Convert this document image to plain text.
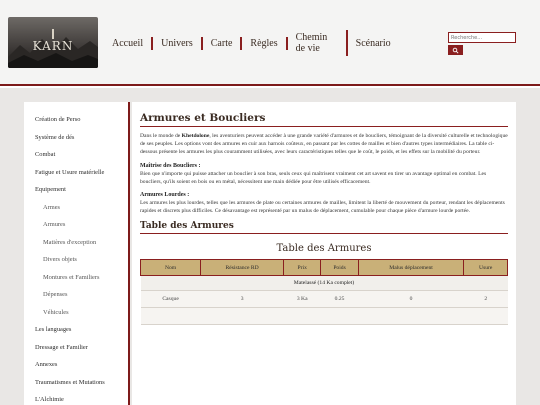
KARN	Accueil	Univers	Carte	Règles	Chemin de vie	Scénario
Recherche...
Création de Perso
Système de dés
Combat
Fatigue et Usure matérielle
Equipement
Armes
Armures
Matières d'exception
Divers objets
Montures et Familiers
Dépenses
Véhicules
Les languages
Dressage et Familier
Annexes
Traumatismes et Mutations
L'Alchimie
Armures et Boucliers

Dans le monde de Khetdolone, les aventuriers peuvent accéder à une grande variété d'armures et de boucliers, témoignant de la diversité culturelle et technologique de ses peuples. Les options vont des armures en cuir aux harnois coûteux, en passant par les cottes de mailles et bien d'autres types intermédiaires. La table ci-dessous présente les armures les plus couramment utilisées, avec leurs caractéristiques telles que le coût, le poids, et les effets sur la mobilité du porteur.

Maîtrise des Boucliers :

Bien que n'importe qui puisse attacher un bouclier à son bras, seuls ceux qui maîtrisent vraiment cet art savent en tirer un avantage optimal en combat. Les boucliers, qu'ils soient en bois ou en métal, nécessitent une main dédiée pour être utilisés efficacement.

Armures Lourdes :

Les armures les plus lourdes, telles que les armures de plate ou certaines armures de mailles, limitent la liberté de mouvement du porteur, rendant les déplacements rapides et discrets plus difficiles. Ce désavantage est représenté par un malus de déplacement, cumulable pour chaque pièce d'armure lourde portée.

Table des Armures
Table des Armures
Nom	Résistance RD	Prix	Poids	Malus déplacement	Usure
Matelassé (14 Ka complet)					
Casque	3	3 Ka	0.25	0	2
